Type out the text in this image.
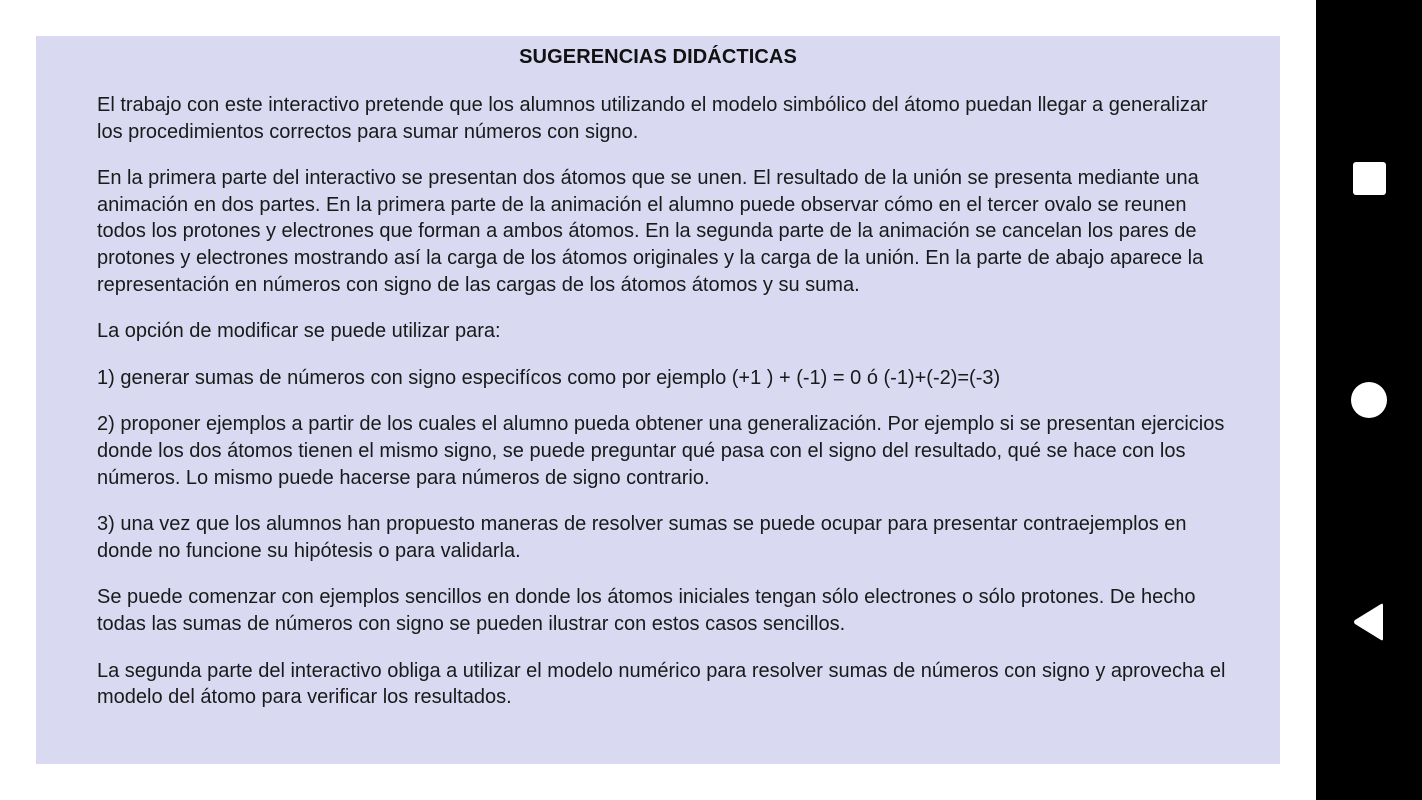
SUGERENCIAS DIDÁCTICAS

El trabajo con este interactivo pretende que los alumnos utilizando el modelo simbólico del átomo puedan llegar a generalizar los procedimientos correctos para sumar números con signo.

En la primera parte del interactivo se presentan dos átomos que se unen. El resultado de la unión se presenta mediante una animación en dos partes. En la primera parte de la animación el alumno puede observar cómo en el tercer ovalo se reunen todos los protones y electrones que forman a ambos átomos. En la segunda parte de la animación se cancelan los pares de protones y electrones mostrando así la carga de los átomos originales y la carga de la unión. En la parte de abajo aparece la representación en números con signo de las cargas de los átomos átomos y su suma.

La opción de modificar se puede utilizar para:

1) generar sumas de números con signo especifícos como por ejemplo (+1 ) + (-1) = 0 ó (-1)+(-2)=(-3)

2) proponer ejemplos a partir de los cuales el alumno pueda obtener una generalización. Por ejemplo si se presentan ejercicios donde los dos átomos tienen el mismo signo, se puede preguntar qué pasa con el signo del resultado, qué se hace con los números. Lo mismo puede hacerse para números de signo contrario.

3) una vez que los alumnos han propuesto maneras de resolver sumas se puede ocupar para presentar contraejemplos en donde no funcione su hipótesis o para validarla.

Se puede comenzar con ejemplos sencillos en donde los átomos iniciales tengan sólo electrones o sólo protones. De hecho todas las sumas de números con signo se pueden ilustrar con estos casos sencillos.

La segunda parte del interactivo obliga a utilizar el modelo numérico para resolver sumas de números con signo y aprovecha el modelo del átomo para verificar los resultados.
